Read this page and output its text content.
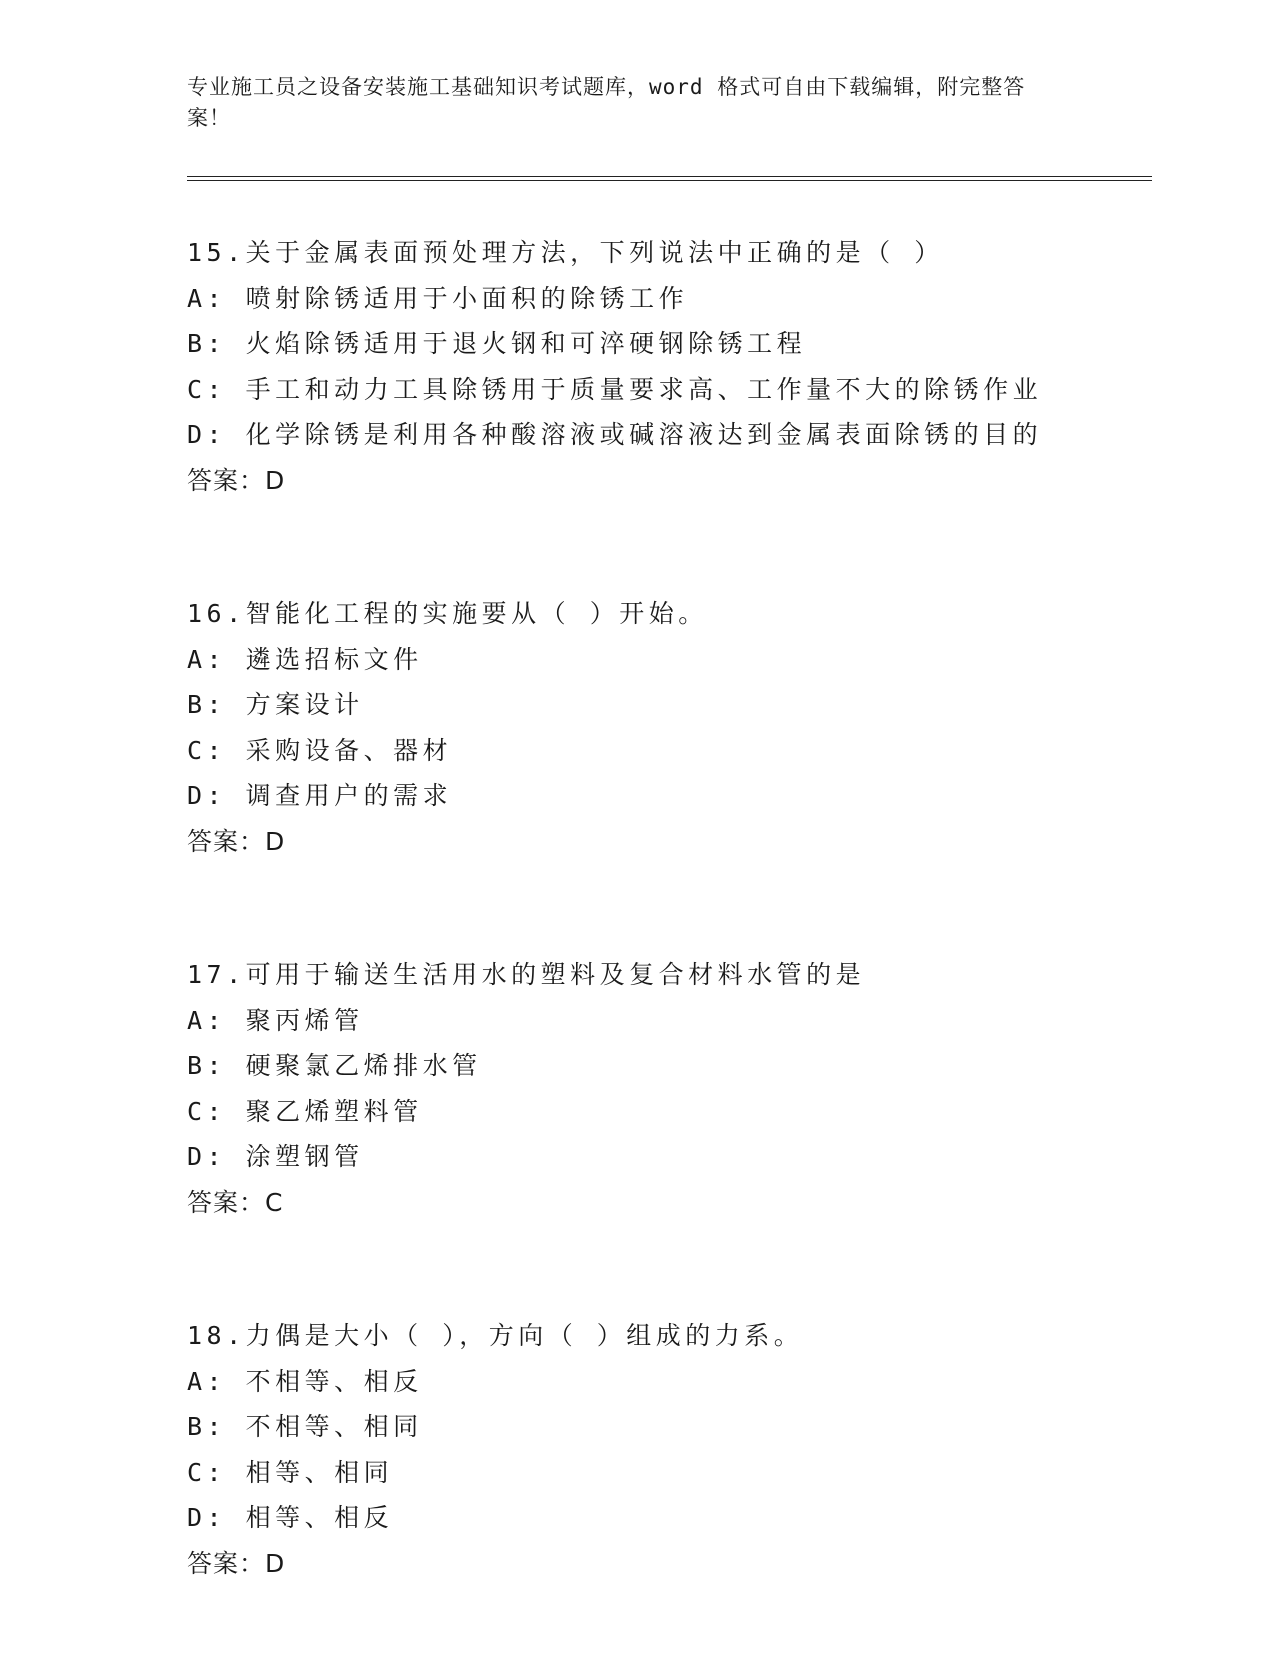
专业施工员之设备安装施工基础知识考试题库，word 格式可自由下载编辑，附完整答案！
15.关于金属表面预处理方法，下列说法中正确的是（ ）
A: 喷射除锈适用于小面积的除锈工作
B: 火焰除锈适用于退火钢和可淬硬钢除锈工程
C: 手工和动力工具除锈用于质量要求高、工作量不大的除锈作业
D: 化学除锈是利用各种酸溶液或碱溶液达到金属表面除锈的目的
答案：D
16.智能化工程的实施要从（ ）开始。
A: 遴选招标文件
B: 方案设计
C: 采购设备、器材
D: 调查用户的需求
答案：D
17.可用于输送生活用水的塑料及复合材料水管的是
A: 聚丙烯管
B: 硬聚氯乙烯排水管
C: 聚乙烯塑料管
D: 涂塑钢管
答案：C
18.力偶是大小（ ），方向（ ）组成的力系。
A: 不相等、相反
B: 不相等、相同
C: 相等、相同
D: 相等、相反
答案：D
